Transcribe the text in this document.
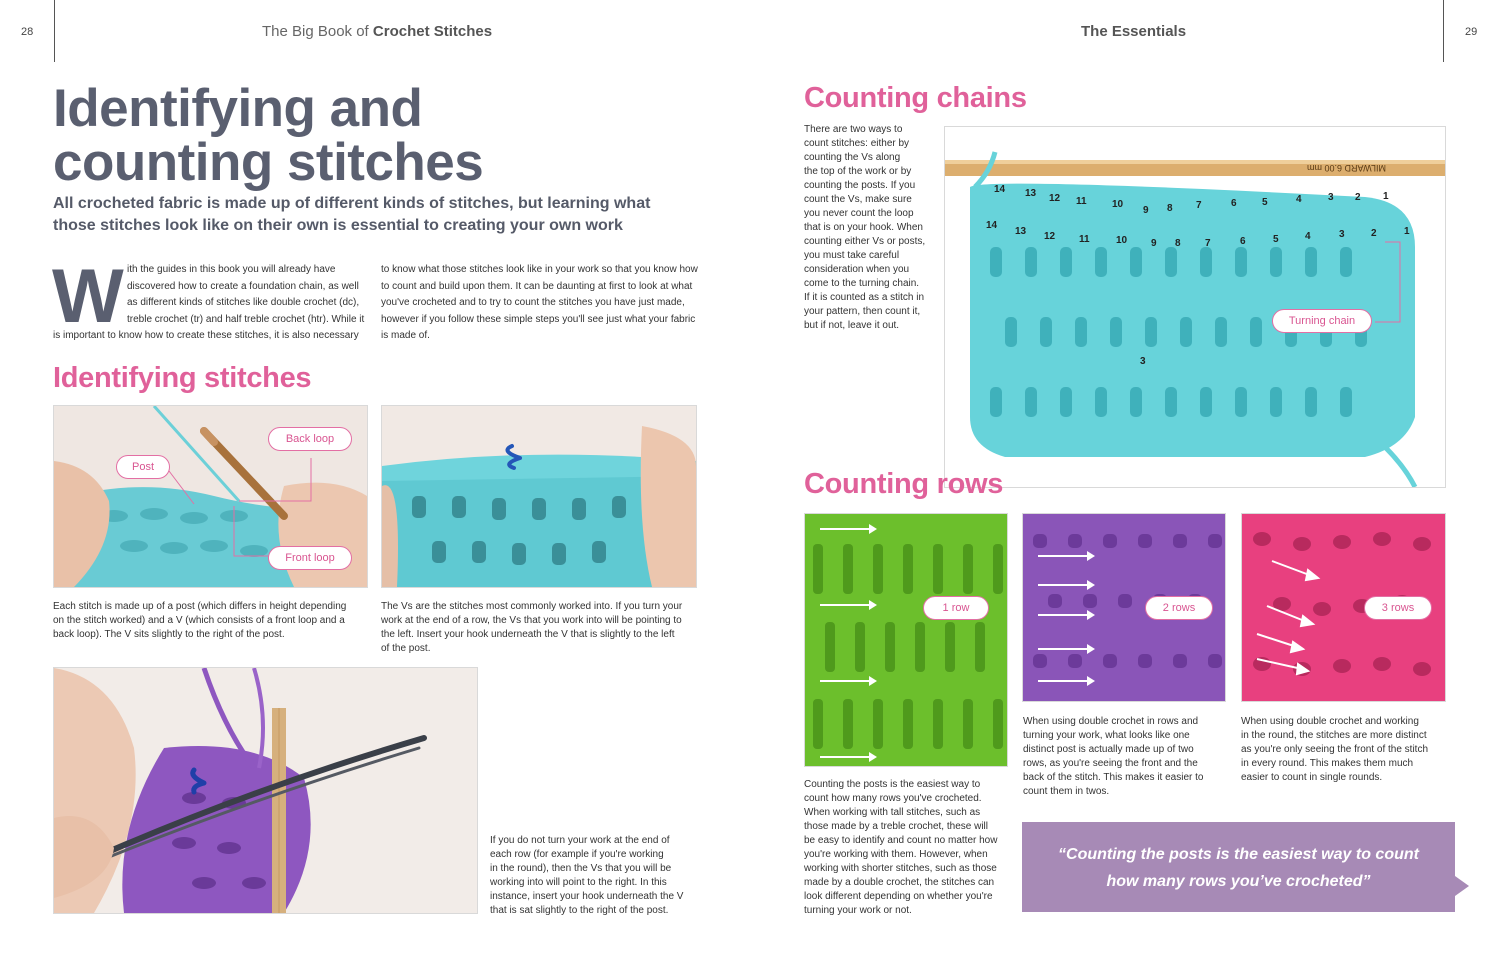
28	The Big Book of Crochet Stitches	The Essentials	29
Identifying and
counting stitches
All crocheted fabric is made up of different kinds of stitches, but learning what
those stitches look like on their own is essential to creating your own work
W ith the guides in this book you will already have
discovered how to create a foundation chain, as well
as different kinds of stitches like double crochet (dc),
treble crochet (tr) and half treble crochet (htr). While it
is important to know how to create these stitches, it is also necessary
to know what those stitches look like in your work so that you know how
to count and build upon them. It can be daunting at first to look at what
you've crocheted and to try to count the stitches you have just made,
however if you follow these simple steps you'll see just what your fabric
is made of.
Identifying stitches
Back loop
Post
Front loop
Each stitch is made up of a post (which differs in height depending
on the stitch worked) and a V (which consists of a front loop and a
back loop). The V sits slightly to the right of the post.
The Vs are the stitches most commonly worked into. If you turn your
work at the end of a row, the Vs that you work into will be pointing to
the left. Insert your hook underneath the V that is slightly to the left
of the post.
If you do not turn your work at the end of
each row (for example if you're working
in the round), then the Vs that you will be
working into will point to the right. In this
instance, insert your hook underneath the V
that is sat slightly to the right of the post.
Counting chains
There are two ways to
count stitches: either by
counting the Vs along
the top of the work or by
counting the posts. If you
count the Vs, make sure
you never count the loop
that is on your hook. When
counting either Vs or posts,
you must take careful
consideration when you
come to the turning chain.
If it is counted as a stitch in
your pattern, then count it,
but if not, leave it out.
MILWARD 6.00 mm
14 13 12 11	10
9 8 7	6	5	4	3 2 1
14
13 12 11	10 9 8 7	6	5	4	3	2	1
3
Turning chain
Counting rows
1 row	2 rows	3 rows
Counting the posts is the easiest way to
count how many rows you've crocheted.
When working with tall stitches, such as
those made by a treble crochet, these will
be easy to identify and count no matter how
you're working with them. However, when
working with shorter stitches, such as those
made by a double crochet, the stitches can
look different depending on whether you're
turning your work or not.
When using double crochet in rows and
turning your work, what looks like one
distinct post is actually made up of two
rows, as you're seeing the front and the
back of the stitch. This makes it easier to
count them in twos.
When using double crochet and working
in the round, the stitches are more distinct
as you're only seeing the front of the stitch
in every round. This makes them much
easier to count in single rounds.
“Counting the posts is the easiest way to count
how many rows you’ve crocheted”
